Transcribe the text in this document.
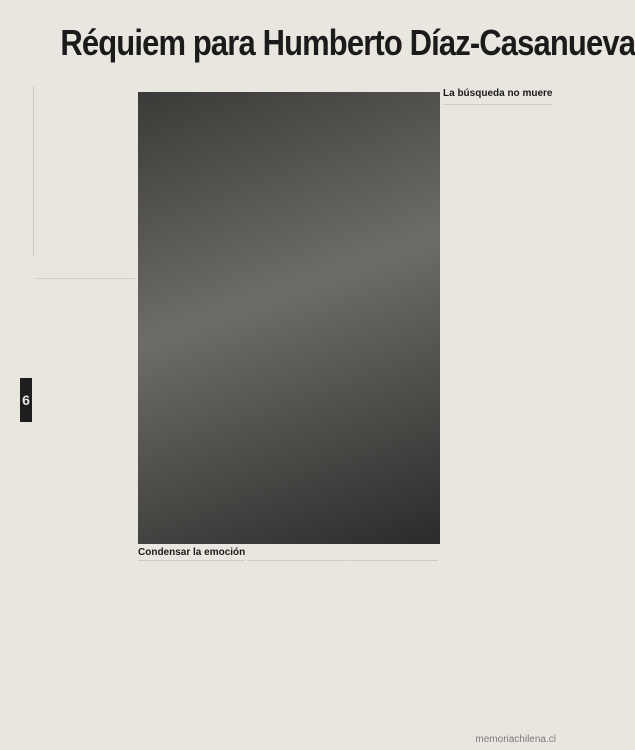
Réquiem para Humberto Díaz-Casanueva
La búsqueda no muere
Condensar la emoción
6
memoriachilena.cl
